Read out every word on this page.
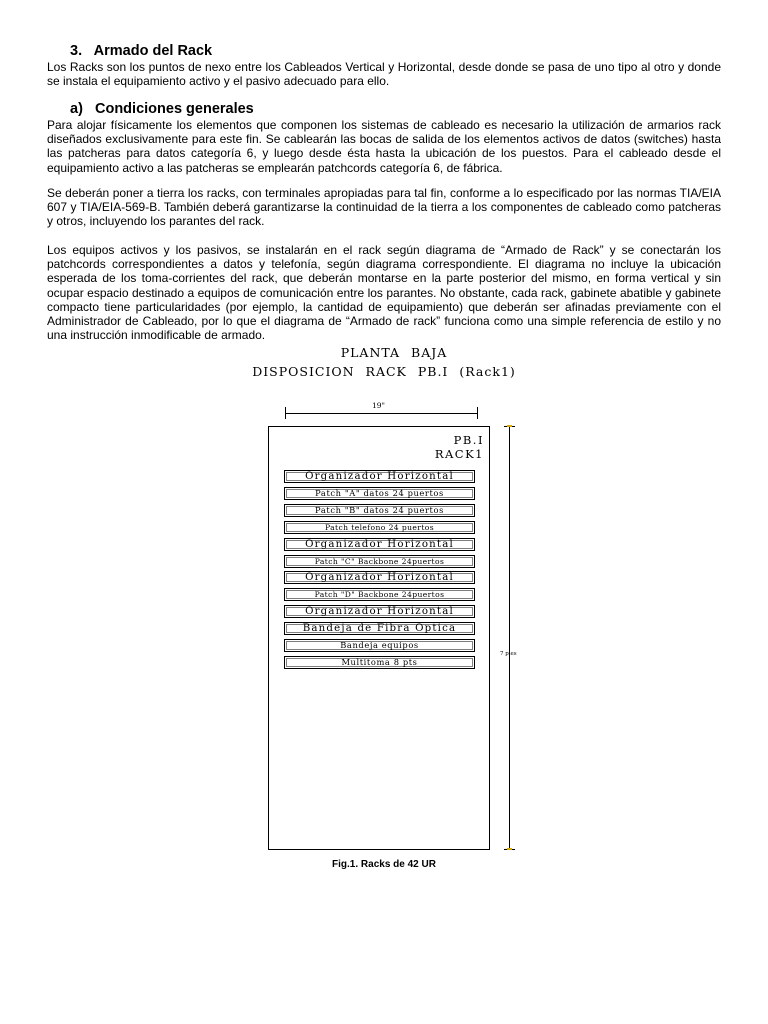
3. Armado del Rack

Los Racks son los puntos de nexo entre los Cableados Vertical y Horizontal, desde donde se pasa de uno tipo al otro y donde se instala el equipamiento activo y el pasivo adecuado para ello.

a) Condiciones generales

Para alojar físicamente los elementos que componen los sistemas de cableado es necesario la utilización de armarios rack diseñados exclusivamente para este fin. Se cablearán las bocas de salida de los elementos activos de datos (switches) hasta las patcheras para datos categoría 6, y luego desde ésta hasta la ubicación de los puestos. Para el cableado desde el equipamiento activo a las patcheras se emplearán patchcords categoría 6, de fábrica.

Se deberán poner a tierra los racks, con terminales apropiadas para tal fin, conforme a lo especificado por las normas TIA/EIA 607 y TIA/EIA-569-B. También deberá garantizarse la continuidad de la tierra a los componentes de cableado como patcheras y otros, incluyendo los parantes del rack.

Los equipos activos y los pasivos, se instalarán en el rack según diagrama de “Armado de Rack” y se conectarán los patchcords correspondientes a datos y telefonía, según diagrama correspondiente. El diagrama no incluye la ubicación esperada de los toma-corrientes del rack, que deberán montarse en la parte posterior del mismo, en forma vertical y sin ocupar espacio destinado a equipos de comunicación entre los parantes. No obstante, cada rack, gabinete abatible y gabinete compacto tiene particularidades (por ejemplo, la cantidad de equipamiento) que deberán ser afinadas previamente con el Administrador de Cableado, por lo que el diagrama de “Armado de rack” funciona como una simple referencia de estilo y no una instrucción inmodificable de armado.

PLANTA BAJA
DISPOSICION RACK PB.I (Rack1)
19"
PB.I
RACK1
Organizador Horizontal
Patch "A" datos 24 puertos
Patch "B" datos 24 puertos
Patch telefono 24 puertos
Organizador Horizontal
Patch "C" Backbone 24puertos
Organizador Horizontal
Patch "D" Backbone 24puertos
Organizador Horizontal
Bandeja de Fibra Optica
Bandeja equipos
Multitoma 8 pts
7 pies
Fig.1. Racks de 42 UR
